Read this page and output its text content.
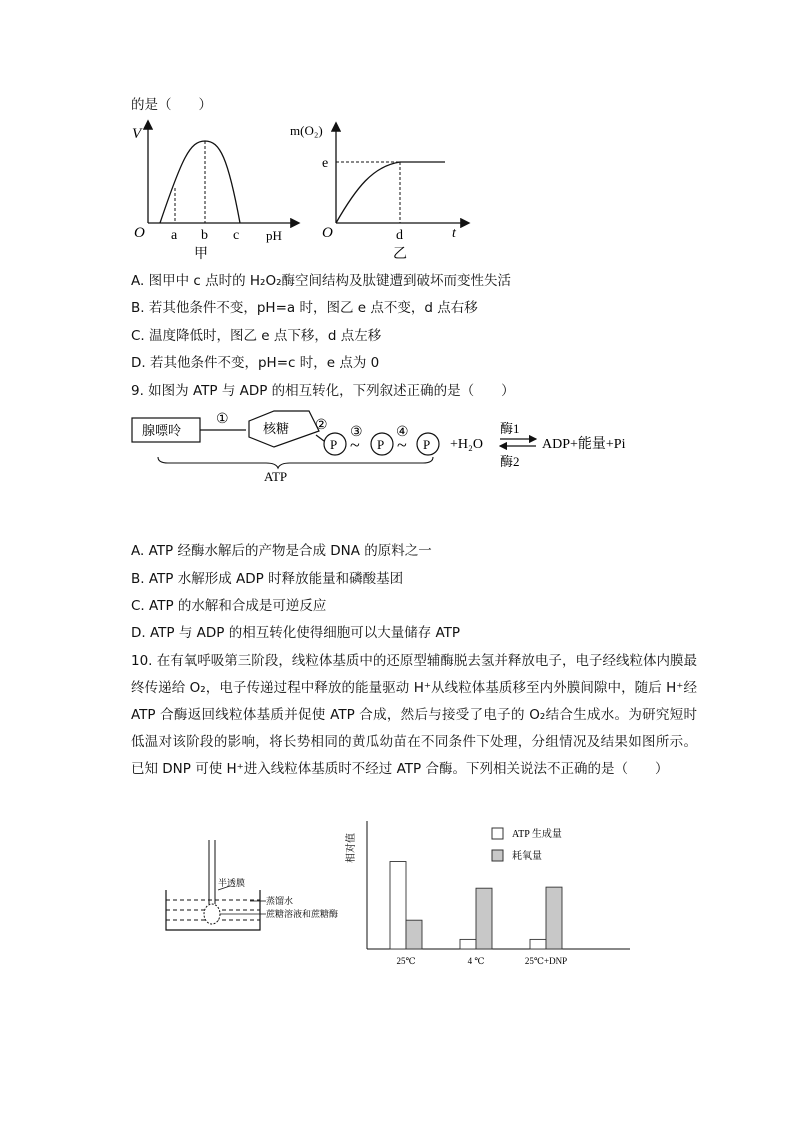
的是（　　）
V
O a b c pH
甲
m(O₂)
e
O	d	t
乙
A. 图甲中 c 点时的 H₂O₂酶空间结构及肽键遭到破坏而变性失活
B. 若其他条件不变，pH=a 时，图乙 e 点不变，d 点右移
C. 温度降低时，图乙 e 点下移，d 点左移
D. 若其他条件不变，pH=c 时，e 点为 0
9. 如图为 ATP 与 ADP 的相互转化，下列叙述正确的是（　　）
腺嘌呤
①
核糖 ②
P
③
~ P
④
~ P
ATP
+H₂O
酶1
酶2
ADP+能量+Pi
A. ATP 经酶水解后的产物是合成 DNA 的原料之一
B. ATP 水解形成 ADP 时释放能量和磷酸基团
C. ATP 的水解和合成是可逆反应
D. ATP 与 ADP 的相互转化使得细胞可以大量储存 ATP
10. 在有氧呼吸第三阶段，线粒体基质中的还原型辅酶脱去氢并释放电子，电子经线粒体内膜最终传递给 O₂，电子传递过程中释放的能量驱动 H⁺从线粒体基质移至内外膜间隙中，随后 H⁺经 ATP 合酶返回线粒体基质并促使 ATP 合成，然后与接受了电子的 O₂结合生成水。为研究短时低温对该阶段的影响，将长势相同的黄瓜幼苗在不同条件下处理，分组情况及结果如图所示。已知 DNP 可使 H⁺进入线粒体基质时不经过 ATP 合酶。下列相关说法不正确的是（　　）
半透膜
蒸馏水
蔗糖溶液和蔗糖酶
相对值
25℃	4 ℃	25℃+DNP
ATP 生成量
耗氧量
